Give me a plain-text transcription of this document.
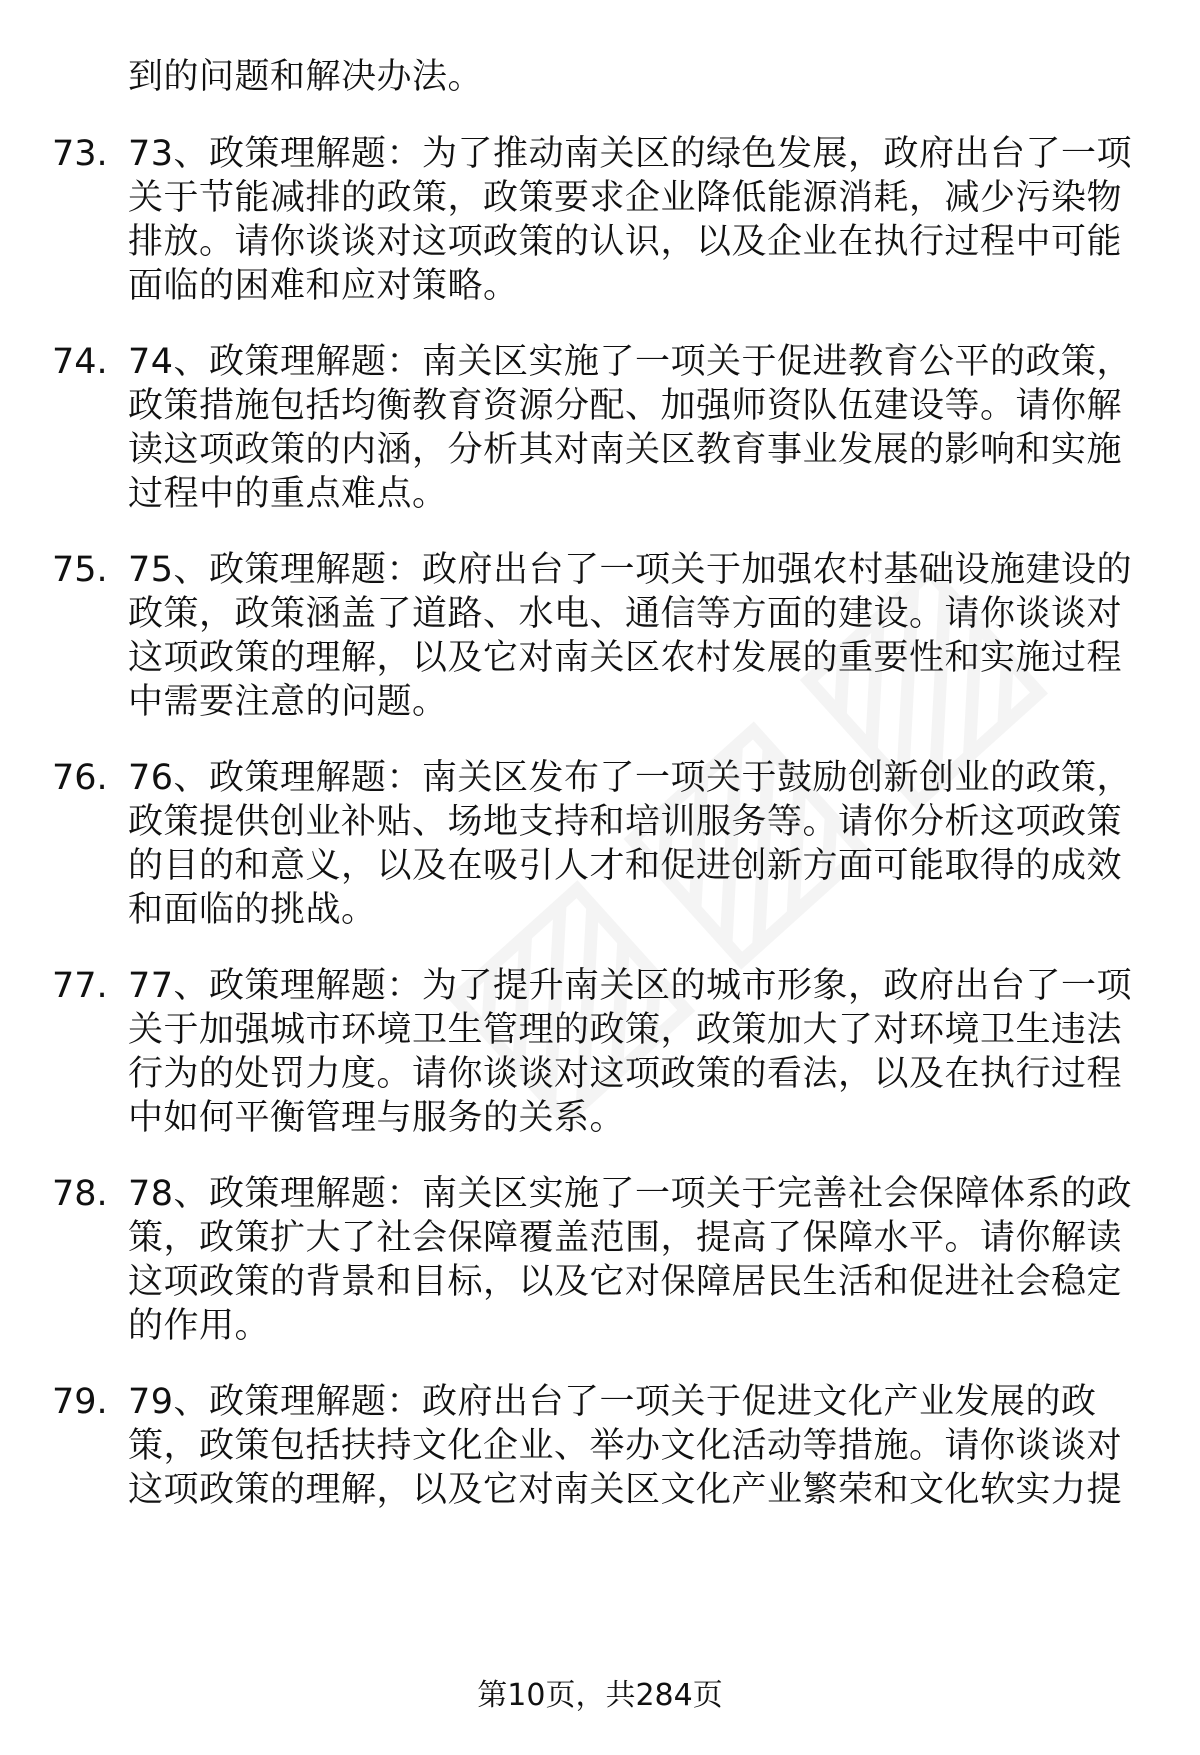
到的问题和解决办法。
73. 73、政策理解题：为了推动南关区的绿色发展，政府出台了一项
关于节能减排的政策，政策要求企业降低能源消耗，减少污染物
排放。请你谈谈对这项政策的认识，以及企业在执行过程中可能
面临的困难和应对策略。
74. 74、政策理解题：南关区实施了一项关于促进教育公平的政策，
政策措施包括均衡教育资源分配、加强师资队伍建设等。请你解
读这项政策的内涵，分析其对南关区教育事业发展的影响和实施
过程中的重点难点。
75. 75、政策理解题：政府出台了一项关于加强农村基础设施建设的
政策，政策涵盖了道路、水电、通信等方面的建设。请你谈谈对
这项政策的理解，以及它对南关区农村发展的重要性和实施过程
中需要注意的问题。
76. 76、政策理解题：南关区发布了一项关于鼓励创新创业的政策，
政策提供创业补贴、场地支持和培训服务等。请你分析这项政策
的目的和意义，以及在吸引人才和促进创新方面可能取得的成效
和面临的挑战。
77. 77、政策理解题：为了提升南关区的城市形象，政府出台了一项
关于加强城市环境卫生管理的政策，政策加大了对环境卫生违法
行为的处罚力度。请你谈谈对这项政策的看法，以及在执行过程
中如何平衡管理与服务的关系。
78. 78、政策理解题：南关区实施了一项关于完善社会保障体系的政
策，政策扩大了社会保障覆盖范围，提高了保障水平。请你解读
这项政策的背景和目标，以及它对保障居民生活和促进社会稳定
的作用。
79. 79、政策理解题：政府出台了一项关于促进文化产业发展的政
策，政策包括扶持文化企业、举办文化活动等措施。请你谈谈对
这项政策的理解，以及它对南关区文化产业繁荣和文化软实力提
第10页，共284页
